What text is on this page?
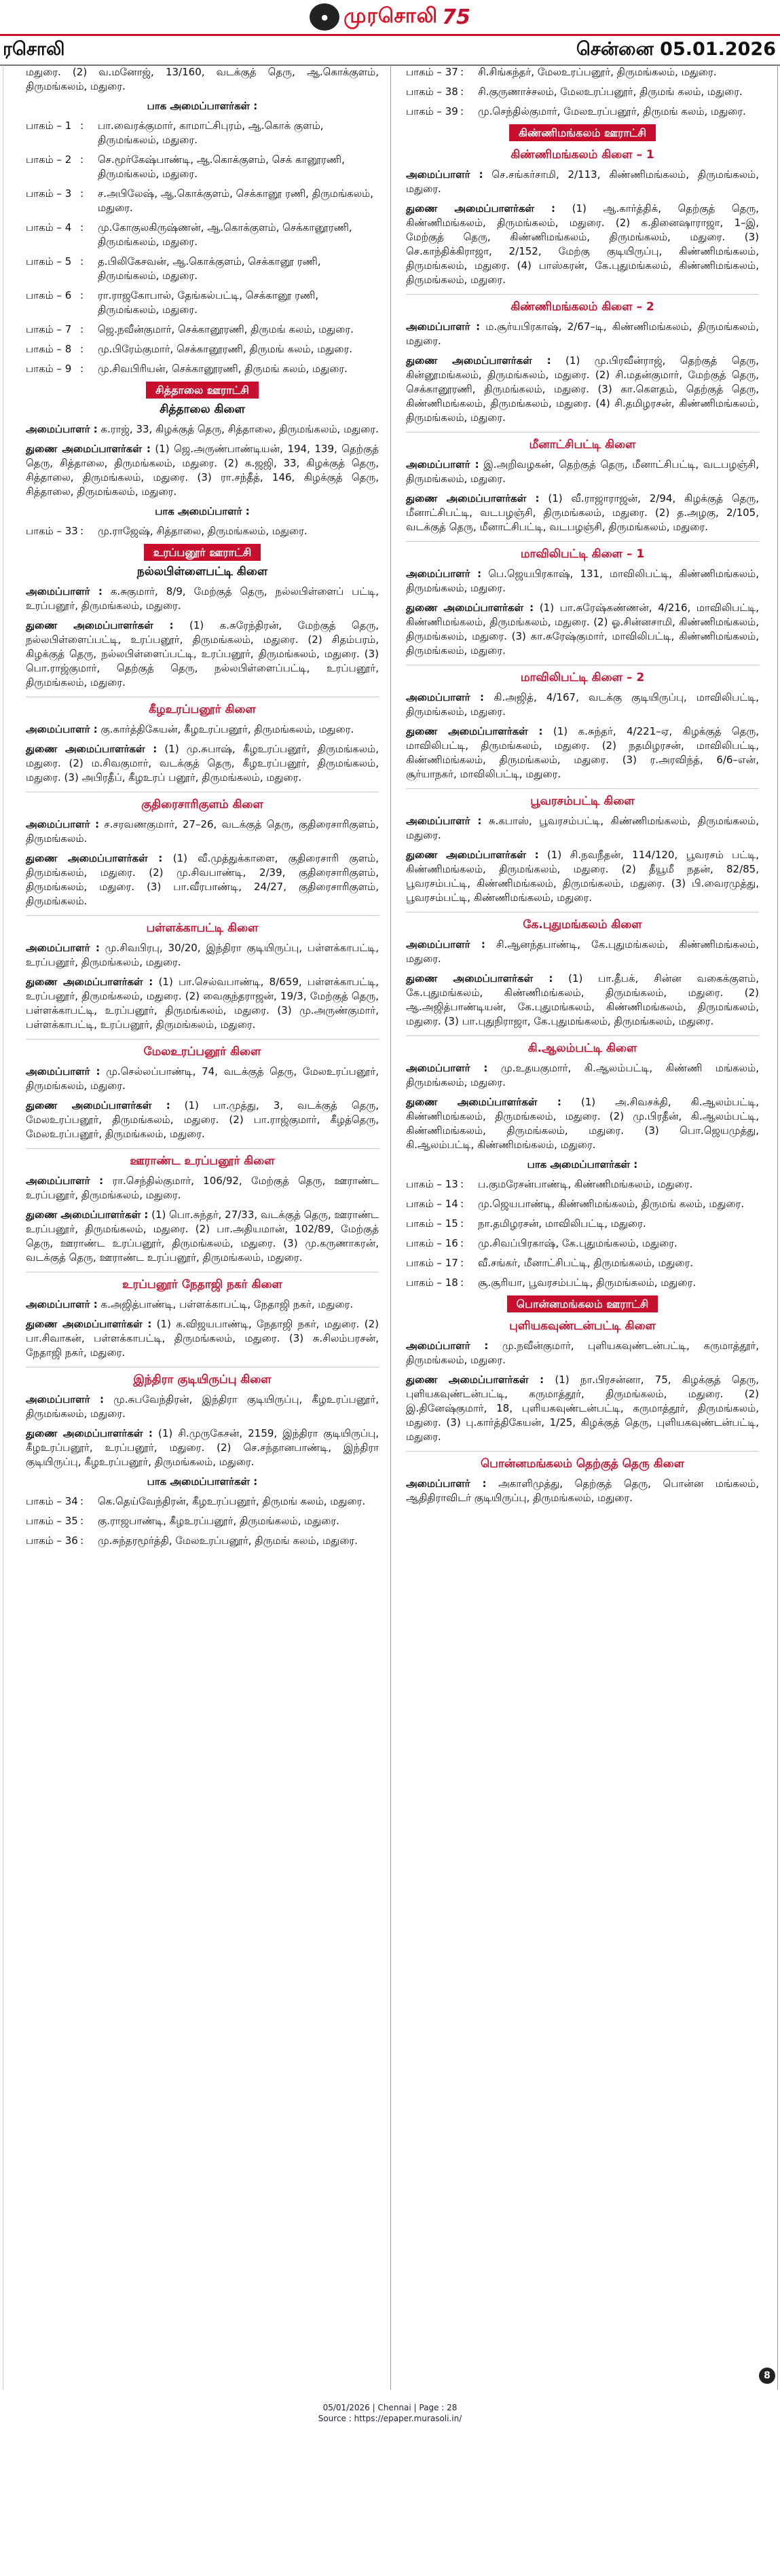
● முரசொலி 75
ரசொலி	சென்னை 05.01.2026

மதுரை. (2) வ.மனோஜ், 13/160, வடக்குத் தெரு, ஆ.கொக்குளம், திருமங்கலம், மதுரை.

பாக அமைப்பாளர்கள் :
பாகம் – 1 :	பா.வைரக்குமார், காமாட்சிபுரம், ஆ.கொக் குளம், திருமங்கலம், மதுரை.
பாகம் – 2 :	செ.மூர்கேஷ்பாண்டி, ஆ.கொக்குளம், செக் கானூரணி, திருமங்கலம், மதுரை.
பாகம் – 3 :	ச.அபிலேஷ், ஆ.கொக்குளம், செக்கானூ ரணி, திருமங்கலம், மதுரை.
பாகம் – 4 :	மு.கோகுலகிருஷ்ணன், ஆ.கொக்குளம், செக்கானூரணி, திருமங்கலம், மதுரை.
பாகம் – 5 :	த.பிலிகேசவன், ஆ.கொக்குளம், செக்கானூ ரணி, திருமங்கலம், மதுரை.
பாகம் – 6 :	ரா.ராஜகோபால், தேங்கல்பட்டி, செக்கானூ ரணி, திருமங்கலம், மதுரை.
பாகம் – 7 :	ஜெ.நவீன்குமார், செக்கானூரணி, திருமங் கலம், மதுரை.
பாகம் – 8 :	மு.பிரேம்குமார், செக்கானூரணி, திருமங் கலம், மதுரை.
பாகம் – 9 :	மு.சிவபிரியன், செக்கானூரணி, திருமங் கலம், மதுரை.
சித்தாலை ஊராட்சி
சித்தாலை கிளை

அமைப்பாளர் : க.ராஜ், 33, கிழக்குத் தெரு, சித்தாலை, திருமங்கலம், மதுரை.

துணை அமைப்பாளர்கள் : (1) ஜெ.அருண்பாண்டியன், 194, 139, தெற்குத் தெரு, சித்தாலை, திருமங்கலம், மதுரை. (2) க.ஜஜி, 33, கிழக்குத் தெரு, சித்தாலை, திருமங்கலம், மதுரை. (3) ரா.சந்தீத், 146, கிழக்குத் தெரு, சித்தாலை, திருமங்கலம், மதுரை.

பாக அமைப்பாளர் :
பாகம் – 33 :	மு.ராஜேஷ், சித்தாலை, திருமங்கலம், மதுரை.
உரப்பனூர் ஊராட்சி
நல்லபிள்ளைபட்டி கிளை

அமைப்பாளர் : க.சுகுமார், 8/9, மேற்குத் தெரு, நல்லபிள்ளைப் பட்டி, உரப்பனூர், திருமங்கலம், மதுரை.

துணை அமைப்பாளர்கள் : (1) க.சுரேந்திரன், மேற்குத் தெரு, நல்லபிள்ளைப்பட்டி, உரப்பனூர், திருமங்கலம், மதுரை. (2) சிதம்பரம், கிழக்குத் தெரு, நல்லபிள்ளைப்பட்டி, உரப்பனூர், திருமங்கலம், மதுரை. (3) பொ.ராஜ்குமார், தெற்குத் தெரு, நல்லபிள்ளைப்பட்டி, உரப்பனூர், திருமங்கலம், மதுரை.

கீழஉரப்பனூர் கிளை

அமைப்பாளர் : கு.கார்த்திகேயன், கீழஉரப்பனூர், திருமங்கலம், மதுரை.

துணை அமைப்பாளர்கள் : (1) மு.சுபாஷ், கீழஉரப்பனூர், திருமங்கலம், மதுரை. (2) ம.சிவகுமார், வடக்குத் தெரு, கீழஉரப்பனூர், திருமங்கலம், மதுரை. (3) அபிரதீப், கீழஉரப் பனூர், திருமங்கலம், மதுரை.

குதிரைசாரிகுளம் கிளை

அமைப்பாளர் : ச.சரவணகுமார், 27–26, வடக்குத் தெரு, குதிரைசாரிகுளம், திருமங்கலம்.

துணை அமைப்பாளர்கள் : (1) வீ.முத்துக்காளை, குதிரைசாரி குளம், திருமங்கலம், மதுரை. (2) மு.சிவபாண்டி, 2/39, குதிரைசாரிகுளம், திருமங்கலம், மதுரை. (3) பா.வீரபாண்டி, 24/27, குதிரைசாரிகுளம், திருமங்கலம்.

பள்ளக்காபட்டி கிளை

அமைப்பாளர் : மு.சிவபிரபு, 30/20, இந்திரா குடியிருப்பு, பள்ளக்காபட்டி, உரப்பனூர், திருமங்கலம், மதுரை.

துணை அமைப்பாளர்கள் : (1) பா.செல்வபாண்டி, 8/659, பள்ளக்காபட்டி, உரப்பனூர், திருமங்கலம், மதுரை. (2) வைகுந்தராஜன், 19/3, மேற்குத் தெரு, பள்ளக்காபட்டி, உரப்பனூர், திருமங்கலம், மதுரை. (3) மு.அருண்குமார், பள்ளக்காபட்டி, உரப்பனூர், திருமங்கலம், மதுரை.

மேலஉரப்பனூர் கிளை

அமைப்பாளர் : மு.செல்லப்பாண்டி, 74, வடக்குத் தெரு, மேலஉரப்பனூர், திருமங்கலம், மதுரை.

துணை அமைப்பாளர்கள் : (1) பா.முத்து, 3, வடக்குத் தெரு, மேலஉரப்பனூர், திருமங்கலம், மதுரை. (2) பா.ராஜ்குமார், கீழத்தெரு, மேலஉரப்பனூர், திருமங்கலம், மதுரை.

ஊராண்ட உரப்பனூர் கிளை

அமைப்பாளர் : ரா.செந்தில்குமார், 106/92, மேற்குத் தெரு, ஊராண்ட உரப்பனூர், திருமங்கலம், மதுரை.

துணை அமைப்பாளர்கள் : (1) பொ.சுந்தர், 27/33, வடக்குத் தெரு, ஊராண்ட உரப்பனூர், திருமங்கலம், மதுரை. (2) பா.அதியமான், 102/89, மேற்குத் தெரு, ஊராண்ட உரப்பனூர், திருமங்கலம், மதுரை. (3) மு.கருணாகரன், வடக்குத் தெரு, ஊராண்ட உரப்பனூர், திருமங்கலம், மதுரை.

உரப்பனூர் நேதாஜி நகர் கிளை

அமைப்பாளர் : க.அஜித்பாண்டி, பள்ளக்காபட்டி, நேதாஜி நகர், மதுரை.

துணை அமைப்பாளர்கள் : (1) க.விஜயபாண்டி, நேதாஜி நகர், மதுரை. (2) பா.சிவாகன், பள்ளக்காபட்டி, திருமங்கலம், மதுரை. (3) சு.சிலம்பரசன், நேதாஜி நகர், மதுரை.

இந்திரா குடியிருப்பு கிளை

அமைப்பாளர் : மு.சுபவேந்திரன், இந்திரா குடியிருப்பு, கீழஉரப்பனூர், திருமங்கலம், மதுரை.

துணை அமைப்பாளர்கள் : (1) சி.முருகேசன், 2159, இந்திரா குடியிருப்பு, கீழஉரப்பனூர், உரப்பனூர், மதுரை. (2) செ.சந்தானபாண்டி, இந்திரா குடியிருப்பு, கீழஉரப்பனூர், திருமங்கலம், மதுரை.

பாக அமைப்பாளர்கள் :
பாகம் – 34 :	கெ.தெய்வேந்திரன், கீழஉரப்பனூர், திருமங் கலம், மதுரை.
பாகம் – 35 :	கு.ராஜபாண்டி, கீழஉரப்பனூர், திருமங்கலம், மதுரை.
பாகம் – 36 :	மு.சுந்தரமூர்த்தி, மேலஉரப்பனூர், திருமங் கலம், மதுரை.
பாகம் – 37 :	சி.சிங்கந்தர், மேலஉரப்பனூர், திருமங்கலம், மதுரை.
பாகம் – 38 :	சி.குருணாச்சலம், மேலஉரப்பனூர், திருமங் கலம், மதுரை.
பாகம் – 39 :	மு.செந்தில்குமார், மேலஉரப்பனூர், திருமங் கலம், மதுரை.
கிண்ணிமங்கலம் ஊராட்சி
கிண்ணிமங்கலம் கிளை – 1

அமைப்பாளர் : செ.சங்கர்சாமி, 2/113, கிண்ணிமங்கலம், திருமங்கலம், மதுரை.

துணை அமைப்பாளர்கள் : (1) ஆ.கார்த்திக், தெற்குத் தெரு, கிண்ணிமங்கலம், திருமங்கலம், மதுரை. (2) க.தினைஷாராஜா, 1–இ, மேற்குத் தெரு, கிண்ணிமங்கலம், திருமங்கலம், மதுரை. (3) செ.காந்திக்கிராஜா, 2/152, மேற்கு குடியிருப்பு, கிண்ணிமங்கலம், திருமங்கலம், மதுரை. (4) பாஸ்கரன், கே.புதுமங்கலம், கிண்ணிமங்கலம், திருமங்கலம், மதுரை.

கிண்ணிமங்கலம் கிளை – 2

அமைப்பாளர் : ம.சூர்யபிரகாஷ், 2/67–டி, கிண்ணிமங்கலம், திருமங்கலம், மதுரை.

துணை அமைப்பாளர்கள் : (1) மு.பிரவீன்ராஜ், தெற்குத் தெரு, கின்னூமங்கலம், திருமங்கலம், மதுரை. (2) சி.மதன்குமார், மேற்குத் தெரு, செக்கானூரணி, திருமங்கலம், மதுரை. (3) கா.கௌதம், தெற்குத் தெரு, கிண்ணிமங்கலம், திருமங்கலம், மதுரை. (4) சி.தமிழரசன், கிண்ணிமங்கலம், திருமங்கலம், மதுரை.

மீனாட்சிபட்டி கிளை

அமைப்பாளர் : இ.அறிவழகன், தெற்குத் தெரு, மீனாட்சிபட்டி, வடபழஞ்சி, திருமங்கலம், மதுரை.

துணை அமைப்பாளர்கள் : (1) வீ.ராஜாராஜன், 2/94, கிழக்குத் தெரு, மீனாட்சிபட்டி, வடபழஞ்சி, திருமங்கலம், மதுரை. (2) த.அழகு, 2/105, வடக்குத் தெரு, மீனாட்சிபட்டி, வடபழஞ்சி, திருமங்கலம், மதுரை.

மாவிலிபட்டி கிளை – 1

அமைப்பாளர் : பெ.ஜெயபிரகாஷ், 131, மாவிலிபட்டி, கிண்ணிமங்கலம், திருமங்கலம், மதுரை.

துணை அமைப்பாளர்கள் : (1) பா.சுரேஷ்கண்ணன், 4/216, மாவிலிபட்டி, கிண்ணிமங்கலம், திருமங்கலம், மதுரை. (2) ஓ.சின்னசாமி, கிண்ணிமங்கலம், திருமங்கலம், மதுரை. (3) கா.சுரேஷ்குமார், மாவிலிபட்டி, கிண்ணிமங்கலம், திருமங்கலம், மதுரை.

மாவிலிபட்டி கிளை – 2

அமைப்பாளர் : கி.அஜித், 4/167, வடக்கு குடியிருப்பு, மாவிலிபட்டி, திருமங்கலம், மதுரை.

துணை அமைப்பாளர்கள் : (1) க.சுந்தர், 4/221–ஏ, கிழக்குத் தெரு, மாவிலிபட்டி, திருமங்கலம், மதுரை. (2) நதமிழரசன், மாவிலிபட்டி, கிண்ணிமங்கலம், திருமங்கலம், மதுரை. (3) ர.அரவிந்த், 6/6–என், சூர்யாநகர், மாவிலிபட்டி, மதுரை.

பூவரசம்பட்டி கிளை

அமைப்பாளர் : சு.கபாஸ், பூவரசம்பட்டி, கிண்ணிமங்கலம், திருமங்கலம், மதுரை.

துணை அமைப்பாளர்கள் : (1) சி.நவநீதன், 114/120, பூவரசம் பட்டி, கிண்ணிமங்கலம், திருமங்கலம், மதுரை. (2) தீயூமீ நதன், 82/85, பூவரசம்பட்டி, கிண்ணிமங்கலம், திருமங்கலம், மதுரை. (3) பி.வைரமுத்து, பூவரசம்பட்டி, கிண்ணிமங்கலம், மதுரை.

கே.புதுமங்கலம் கிளை

அமைப்பாளர் : சி.ஆனந்தபாண்டி, கே.புதுமங்கலம், கிண்ணிமங்கலம், மதுரை.

துணை அமைப்பாளர்கள் : (1) பா.தீபக், சின்ன வகைக்குளம், கே.புதுமங்கலம், கிண்ணிமங்கலம், திருமங்கலம், மதுரை. (2) ஆ.அஜித்பாண்டியன், கே.புதுமங்கலம், கிண்ணிமங்கலம், திருமங்கலம், மதுரை. (3) பா.புதுநிராஜா, கே.புதுமங்கலம், திருமங்கலம், மதுரை.

கி.ஆலம்பட்டி கிளை

அமைப்பாளர் : மு.உதயகுமார், கி.ஆலம்பட்டி, கிண்ணி மங்கலம், திருமங்கலம், மதுரை.

துணை அமைப்பாளர்கள் : (1) அ.சிவசக்தி, கி.ஆலம்பட்டி, கிண்ணிமங்கலம், திருமங்கலம், மதுரை. (2) மு.பிரதீன், கி.ஆலம்பட்டி, கிண்ணிமங்கலம், திருமங்கலம், மதுரை. (3) பொ.ஜெயமுத்து, கி.ஆலம்பட்டி, கிண்ணிமங்கலம், மதுரை.

பாக அமைப்பாளர்கள் :
பாகம் – 13 :	ப.குமரேசன்பாண்டி, கிண்ணிமங்கலம், மதுரை.
பாகம் – 14 :	மு.ஜெயபாண்டி, கிண்ணிமங்கலம், திருமங் கலம், மதுரை.
பாகம் – 15 :	நா.தமிழரசன், மாவிலிபட்டி, மதுரை.
பாகம் – 16 :	மு.சிவப்பிரகாஷ், கே.புதுமங்கலம், மதுரை.
பாகம் – 17 :	வீ.சங்கர், மீனாட்சிபட்டி, திருமங்கலம், மதுரை.
பாகம் – 18 :	சூ.சூரியா, பூவரசம்பட்டி, திருமங்கலம், மதுரை.
பொன்னமங்கலம் ஊராட்சி
புளியகவுண்டன்பட்டி கிளை

அமைப்பாளர் : மு.நவீன்குமார், புளியகவுண்டன்பட்டி, கருமாத்தூர், திருமங்கலம், மதுரை.

துணை அமைப்பாளர்கள் : (1) நா.பிரசன்னா, 75, கிழக்குத் தெரு, புளியகவுண்டன்பட்டி, கருமாத்தூர், திருமங்கலம், மதுரை. (2) இ.தினேஷ்குமார், 18, புளியகவுண்டன்பட்டி, கருமாத்தூர், திருமங்கலம், மதுரை. (3) பு.கார்த்திகேயன், 1/25, கிழக்குத் தெரு, புளியகவுண்டன்பட்டி, மதுரை.

பொன்னமங்கலம் தெற்குத் தெரு கிளை

அமைப்பாளர் : அகாளிமுத்து, தெற்குத் தெரு, பொன்ன மங்கலம், ஆதிதிராவிடர் குடியிருப்பு, திருமங்கலம், மதுரை.

8
05/01/2026 | Chennai | Page : 28
Source : https://epaper.murasoli.in/
